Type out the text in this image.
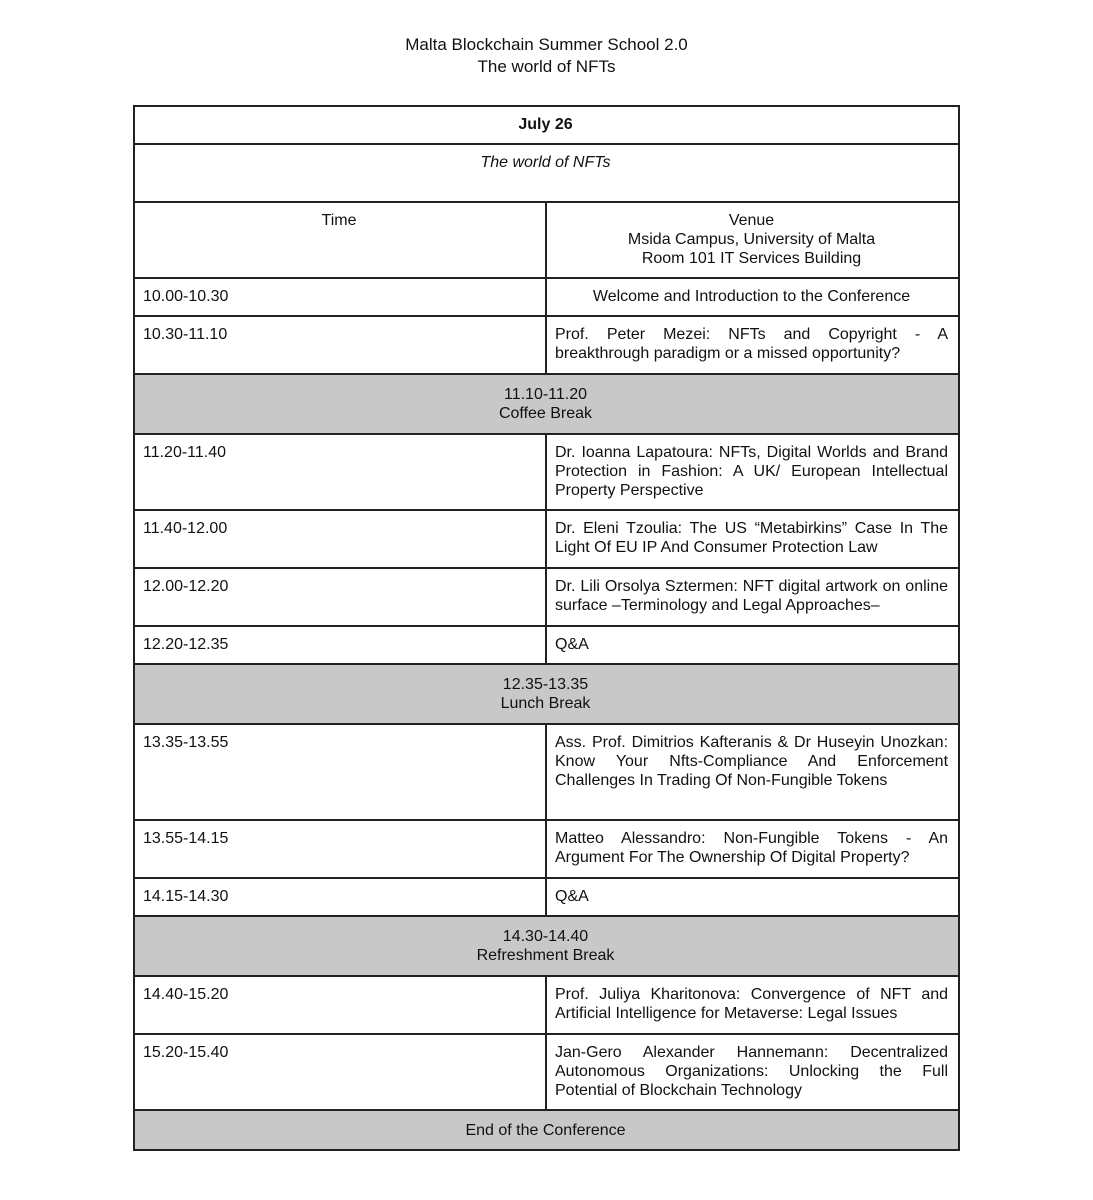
Malta Blockchain Summer School 2.0
The world of NFTs
July 26	
The world of NFTs	
Time	Venue
Msida Campus, University of Malta
Room 101 IT Services Building

10.00-10.30	Welcome and Introduction to the Conference
10.30-11.10	Prof. Peter Mezei: NFTs and Copyright - A breakthrough paradigm or a missed opportunity?

11.10-11.20
Coffee Break	

11.20-11.40	Dr. Ioanna Lapatoura: NFTs, Digital Worlds and Brand Protection in Fashion: A UK/ European Intellectual Property Perspective
11.40-12.00	Dr. Eleni Tzoulia: The US “Metabirkins” Case In The Light Of EU IP And Consumer Protection Law
12.00-12.20	Dr. Lili Orsolya Sztermen: NFT digital artwork on online surface –Terminology and Legal Approaches–
12.20-12.35	Q&A

12.35-13.35
Lunch Break	

13.35-13.55	Ass. Prof. Dimitrios Kafteranis & Dr Huseyin Unozkan: Know Your Nfts-Compliance And Enforcement Challenges In Trading Of Non-Fungible Tokens
13.55-14.15	Matteo Alessandro: Non-Fungible Tokens - An Argument For The Ownership Of Digital Property?
14.15-14.30	Q&A

14.30-14.40
Refreshment Break	

14.40-15.20	Prof. Juliya Kharitonova: Convergence of NFT and Artificial Intelligence for Metaverse: Legal Issues
15.20-15.40	Jan-Gero Alexander Hannemann: Decentralized Autonomous Organizations: Unlocking the Full Potential of Blockchain Technology
End of the Conference	
